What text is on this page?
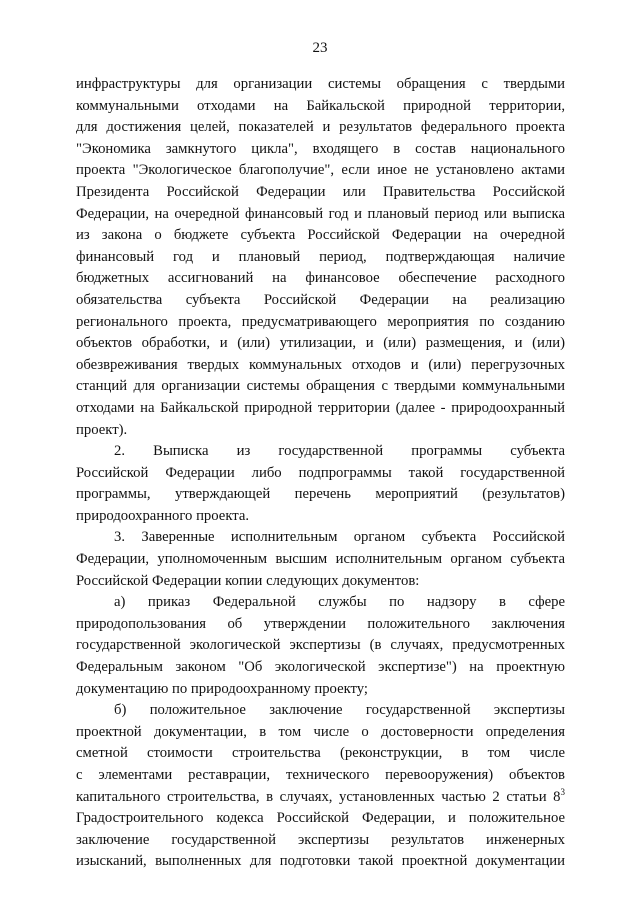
23
инфраструктуры для организации системы обращения с твердыми
коммунальными отходами на Байкальской природной территории,
для достижения целей, показателей и результатов федерального проекта
"Экономика замкнутого цикла", входящего в состав национального
проекта "Экологическое благополучие", если иное не установлено актами
Президента Российской Федерации или Правительства Российской
Федерации, на очередной финансовый год и плановый период или выписка
из закона о бюджете субъекта Российской Федерации на очередной
финансовый год и плановый период, подтверждающая наличие
бюджетных ассигнований на финансовое обеспечение расходного
обязательства субъекта Российской Федерации на реализацию
регионального проекта, предусматривающего мероприятия по созданию
объектов обработки, и (или) утилизации, и (или) размещения, и (или)
обезвреживания твердых коммунальных отходов и (или) перегрузочных
станций для организации системы обращения с твердыми коммунальными
отходами на Байкальской природной территории (далее - природоохранный
проект).
2. Выписка из государственной программы субъекта
Российской Федерации либо подпрограммы такой государственной
программы, утверждающей перечень мероприятий (результатов)
природоохранного проекта.
3. Заверенные исполнительным органом субъекта Российской
Федерации, уполномоченным высшим исполнительным органом субъекта
Российской Федерации копии следующих документов:
а) приказ Федеральной службы по надзору в сфере
природопользования об утверждении положительного заключения
государственной экологической экспертизы (в случаях, предусмотренных
Федеральным законом "Об экологической экспертизе") на проектную
документацию по природоохранному проекту;
б) положительное заключение государственной экспертизы
проектной документации, в том числе о достоверности определения
сметной стоимости строительства (реконструкции, в том числе
с элементами реставрации, технического перевооружения) объектов
капитального строительства, в случаях, установленных частью 2 статьи $8^3$
Градостроительного кодекса Российской Федерации, и положительное
заключение государственной экспертизы результатов инженерных
изысканий, выполненных для подготовки такой проектной документации
